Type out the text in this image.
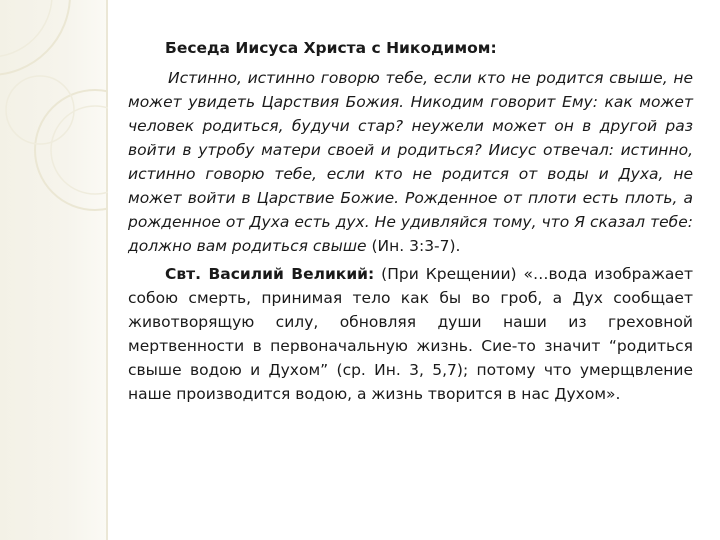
Беседа Иисуса Христа с Никодимом:

Истинно, истинно говорю тебе, если кто не родится свыше, не может увидеть Царствия Божия. Никодим говорит Ему: как может человек родиться, будучи стар? неужели может он в другой раз войти в утробу матери своей и родиться? Иисус отвечал: истинно, истинно говорю тебе, если кто не родится от воды и Духа, не может войти в Царствие Божие. Рожденное от плоти есть плоть, а рожденное от Духа есть дух. Не удивляйся тому, что Я сказал тебе: должно вам родиться свыше (Ин. 3:3-7).

Свт. Василий Великий: (При Крещении) «…вода изображает собою смерть, принимая тело как бы во гроб, а Дух сообщает животворящую силу, обновляя души наши из греховной мертвенности в первоначальную жизнь. Сие-то значит “родиться свыше водою и Духом” (ср. Ин. 3, 5,7); потому что умерщвление наше производится водою, а жизнь творится в нас Духом».
